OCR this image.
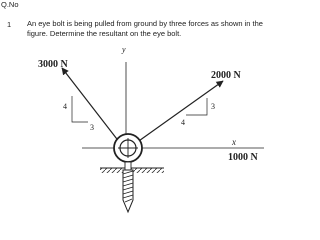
Q.No
1 An eye bolt is being pulled from ground by three forces as shown in the figure. Determine the resultant on the eye bolt.

y
x
3000 N
4
3
2000 N
3
4
1000 N
